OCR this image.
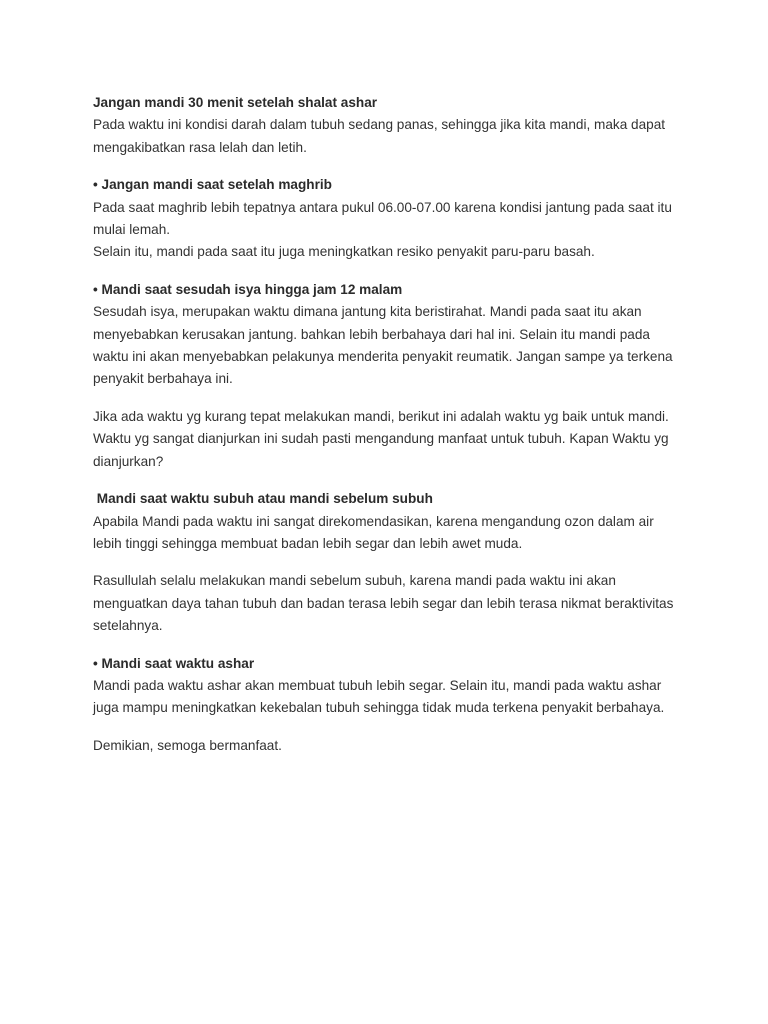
Jangan mandi 30 menit setelah shalat ashar
Pada waktu ini kondisi darah dalam tubuh sedang panas, sehingga jika kita mandi, maka dapat
mengakibatkan rasa lelah dan letih.
• Jangan mandi saat setelah maghrib
Pada saat maghrib lebih tepatnya antara pukul 06.00-07.00 karena kondisi jantung pada saat itu
mulai lemah.
Selain itu, mandi pada saat itu juga meningkatkan resiko penyakit paru-paru basah.
• Mandi saat sesudah isya hingga jam 12 malam
Sesudah isya, merupakan waktu dimana jantung kita beristirahat. Mandi pada saat itu akan
menyebabkan kerusakan jantung. bahkan lebih berbahaya dari hal ini. Selain itu mandi pada
waktu ini akan menyebabkan pelakunya menderita penyakit reumatik. Jangan sampe ya terkena
penyakit berbahaya ini.
Jika ada waktu yg kurang tepat melakukan mandi, berikut ini adalah waktu yg baik untuk mandi.
Waktu yg sangat dianjurkan ini sudah pasti mengandung manfaat untuk tubuh. Kapan Waktu yg
dianjurkan?
Mandi saat waktu subuh atau mandi sebelum subuh
Apabila Mandi pada waktu ini sangat direkomendasikan, karena mengandung ozon dalam air
lebih tinggi sehingga membuat badan lebih segar dan lebih awet muda.
Rasullulah selalu melakukan mandi sebelum subuh, karena mandi pada waktu ini akan
menguatkan daya tahan tubuh dan badan terasa lebih segar dan lebih terasa nikmat beraktivitas
setelahnya.
• Mandi saat waktu ashar
Mandi pada waktu ashar akan membuat tubuh lebih segar. Selain itu, mandi pada waktu ashar
juga mampu meningkatkan kekebalan tubuh sehingga tidak muda terkena penyakit berbahaya.
Demikian, semoga bermanfaat.
